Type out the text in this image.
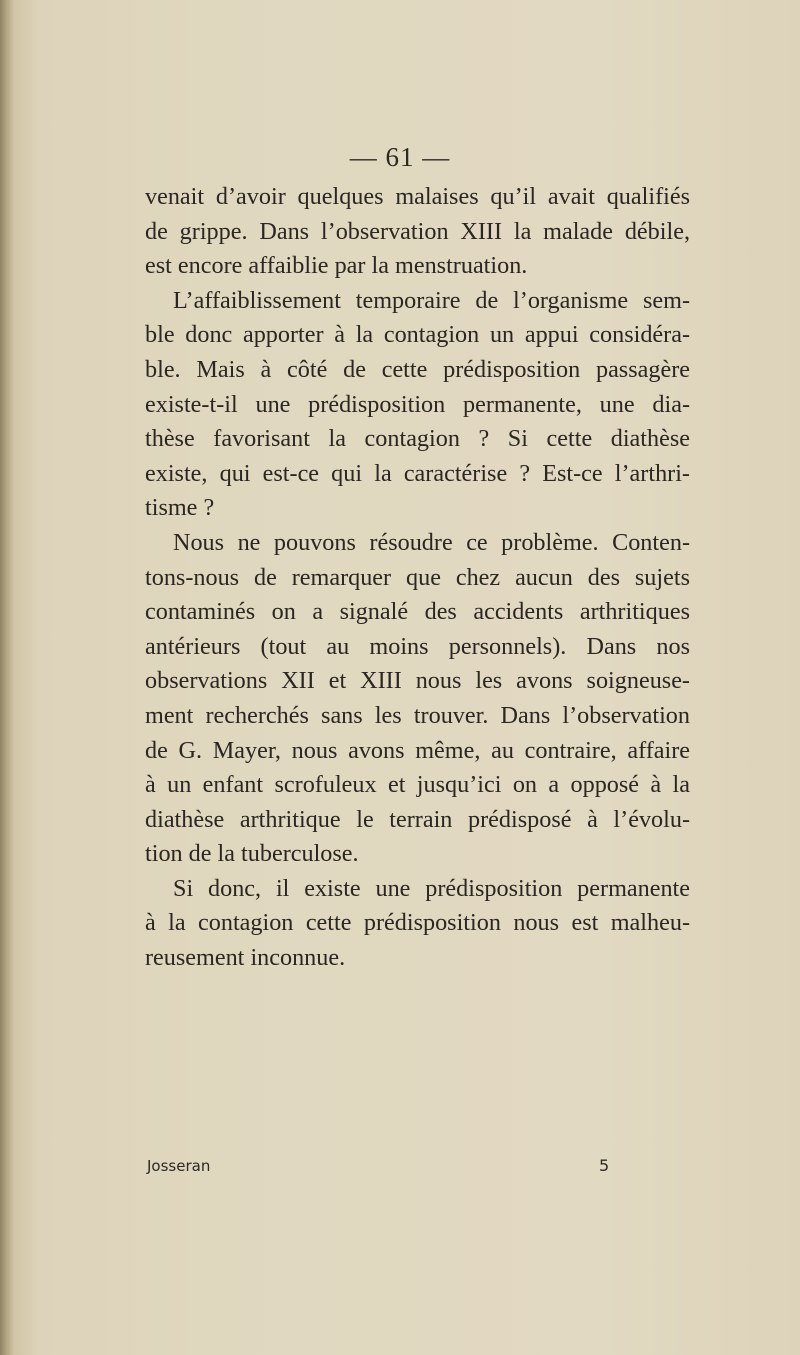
— 61 —
venait d’avoir quelques malaises qu’il avait qualifiés
de grippe. Dans l’observation XIII la malade débile,
est encore affaiblie par la menstruation.
L’affaiblissement temporaire de l’organisme sem-
ble donc apporter à la contagion un appui considéra-
ble. Mais à côté de cette prédisposition passagère
existe-t-il une prédisposition permanente, une dia-
thèse favorisant la contagion ? Si cette diathèse
existe, qui est-ce qui la caractérise ? Est-ce l’arthri-
tisme ?
Nous ne pouvons résoudre ce problème. Conten-
tons-nous de remarquer que chez aucun des sujets
contaminés on a signalé des accidents arthritiques
antérieurs (tout au moins personnels). Dans nos
observations XII et XIII nous les avons soigneuse-
ment recherchés sans les trouver. Dans l’observation
de G. Mayer, nous avons même, au contraire, affaire
à un enfant scrofuleux et jusqu’ici on a opposé à la
diathèse arthritique le terrain prédisposé à l’évolu-
tion de la tuberculose.
Si donc, il existe une prédisposition permanente
à la contagion cette prédisposition nous est malheu-
reusement inconnue.
Josseran	5
